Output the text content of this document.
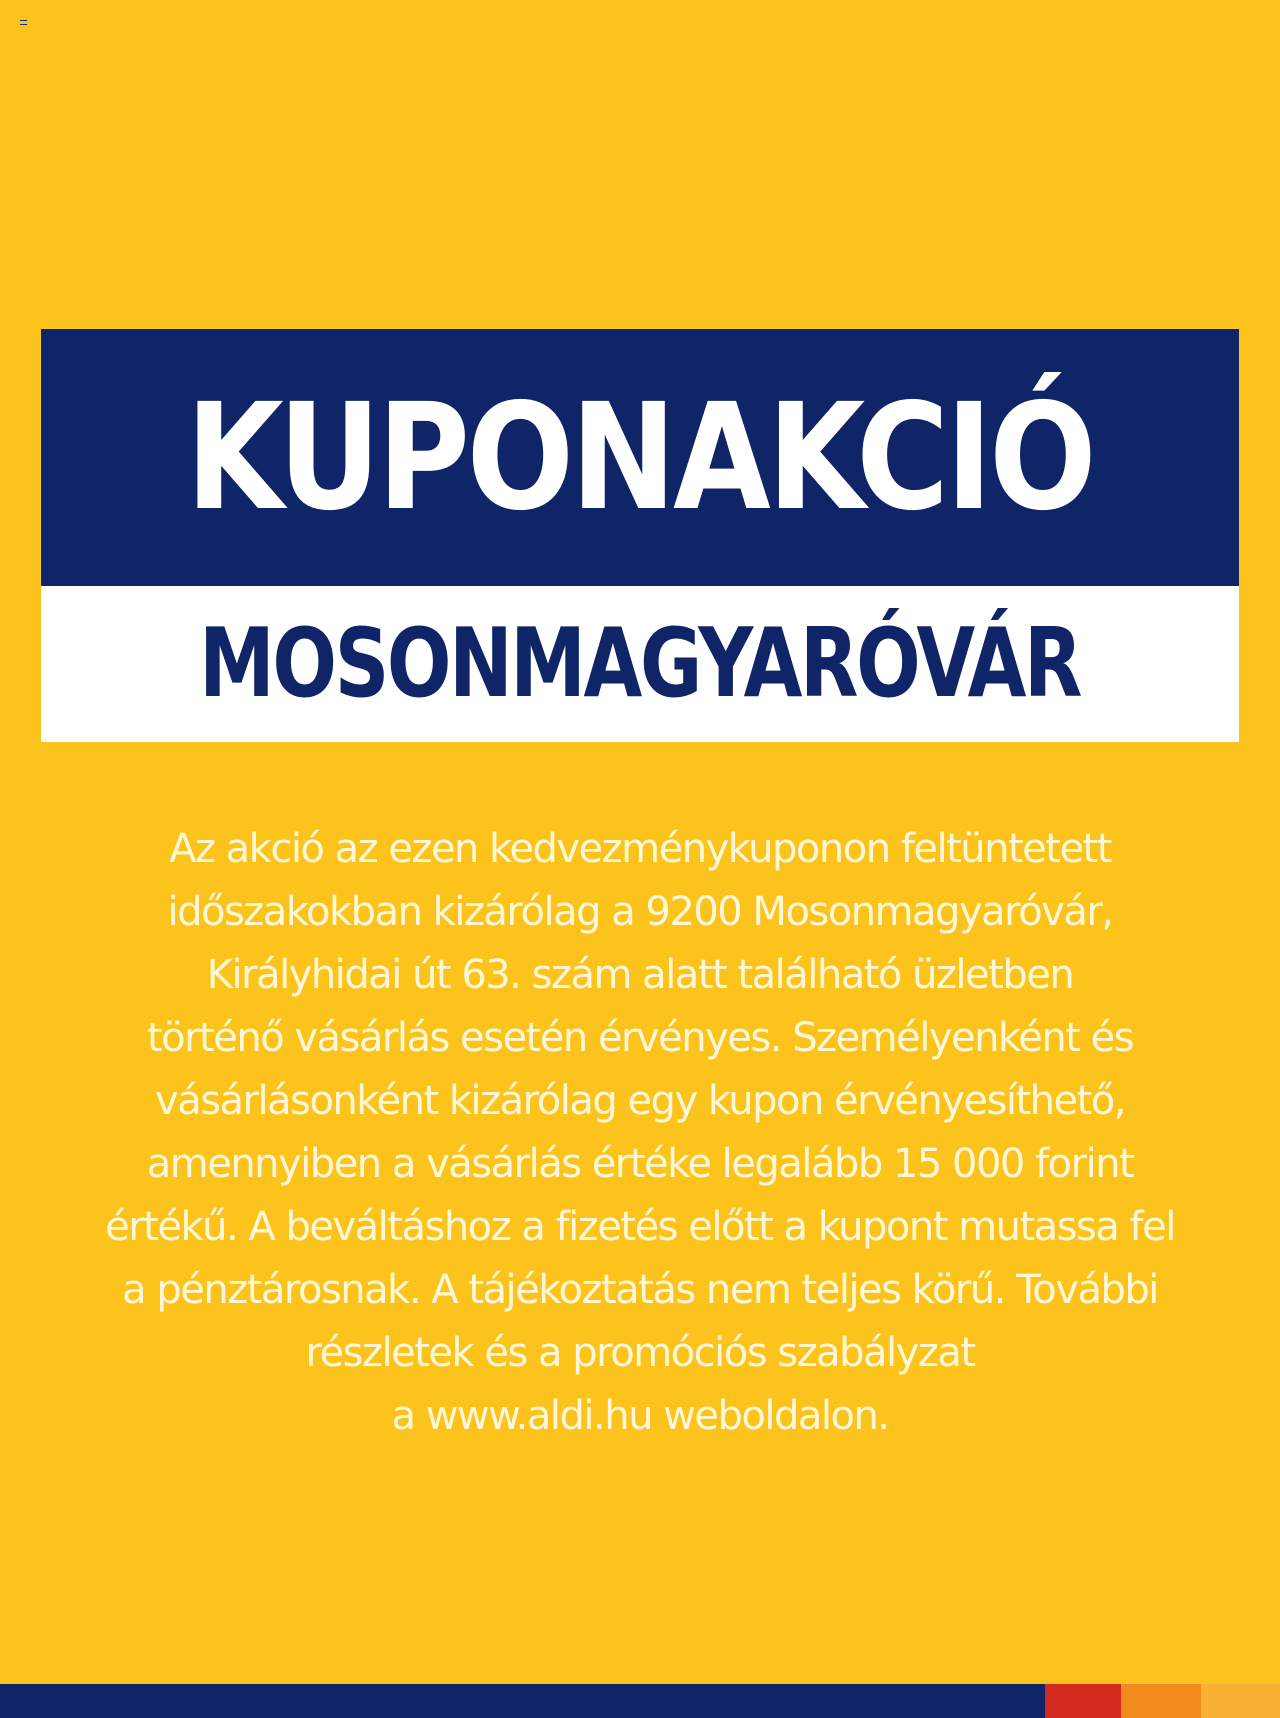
KUPONAKCIÓ
MOSONMAGYARÓVÁR

Az akció az ezen kedvezménykuponon feltüntetett
időszakokban kizárólag a 9200 Mosonmagyaróvár,
Királyhidai út 63. szám alatt található üzletben
történő vásárlás esetén érvényes. Személyenként és
vásárlásonként kizárólag egy kupon érvényesíthető,
amennyiben a vásárlás értéke legalább 15 000 forint
értékű. A beváltáshoz a fizetés előtt a kupont mutassa fel
a pénztárosnak. A tájékoztatás nem teljes körű. További
részletek és a promóciós szabályzat
a www.aldi.hu weboldalon.
